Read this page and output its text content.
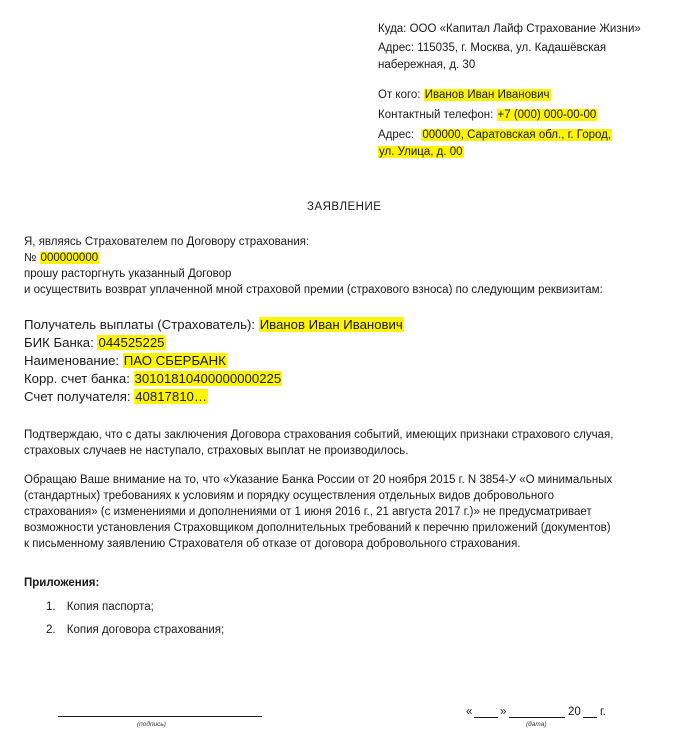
Куда: ООО «Капитал Лайф Страхование Жизни»
Адрес: 115035, г. Москва, ул. Кадашёвская
набережная, д. 30
От кого: Иванов Иван Иванович
Контактный телефон: +7 (000) 000-00-00
Адрес: 000000, Саратовская обл., г. Город,
ул. Улица, д. 00
ЗАЯВЛЕНИЕ
Я, являясь Страхователем по Договору страхования:
№ 000000000
прошу расторгнуть указанный Договор
и осуществить возврат уплаченной мной страховой премии (страхового взноса) по следующим реквизитам:
Получатель выплаты (Страхователь): Иванов Иван Иванович
БИК Банка: 044525225
Наименование: ПАО СБЕРБАНК
Корр. счет банка: 30101810400000000225
Счет получателя: 40817810…
Подтверждаю, что с даты заключения Договора страхования событий, имеющих признаки страхового случая,
страховых случаев не наступало, страховых выплат не производилось.
Обращаю Ваше внимание на то, что «Указание Банка России от 20 ноября 2015 г. N 3854-У «О минимальных
(стандартных) требованиях к условиям и порядку осуществления отдельных видов добровольного
страхования» (с изменениями и дополнениями от 1 июня 2016 г., 21 августа 2017 г.)» не предусматривает
возможности установления Страховщиком дополнительных требований к перечню приложений (документов)
к письменному заявлению Страхователя об отказе от договора добровольного страхования.
Приложения:
1. Копия паспорта;
2. Копия договора страхования;
(подпись)
« »	20 г.
(дата)
